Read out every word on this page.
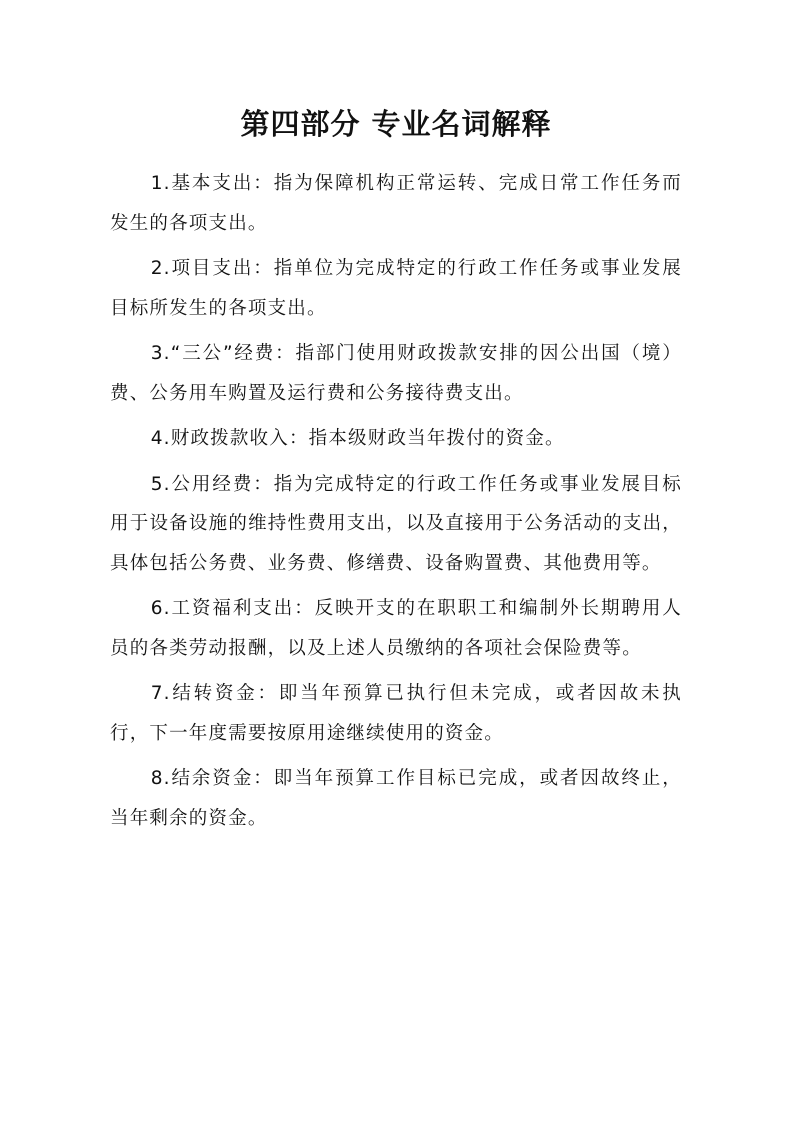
第四部分 专业名词解释

1.基本支出：指为保障机构正常运转、完成日常工作任务而发生的各项支出。

2.项目支出：指单位为完成特定的行政工作任务或事业发展目标所发生的各项支出。

3.“三公”经费：指部门使用财政拨款安排的因公出国（境）费、公务用车购置及运行费和公务接待费支出。

4.财政拨款收入：指本级财政当年拨付的资金。

5.公用经费：指为完成特定的行政工作任务或事业发展目标用于设备设施的维持性费用支出，以及直接用于公务活动的支出，具体包括公务费、业务费、修缮费、设备购置费、其他费用等。

6.工资福利支出：反映开支的在职职工和编制外长期聘用人员的各类劳动报酬，以及上述人员缴纳的各项社会保险费等。

7.结转资金：即当年预算已执行但未完成，或者因故未执行，下一年度需要按原用途继续使用的资金。

8.结余资金：即当年预算工作目标已完成，或者因故终止，当年剩余的资金。
